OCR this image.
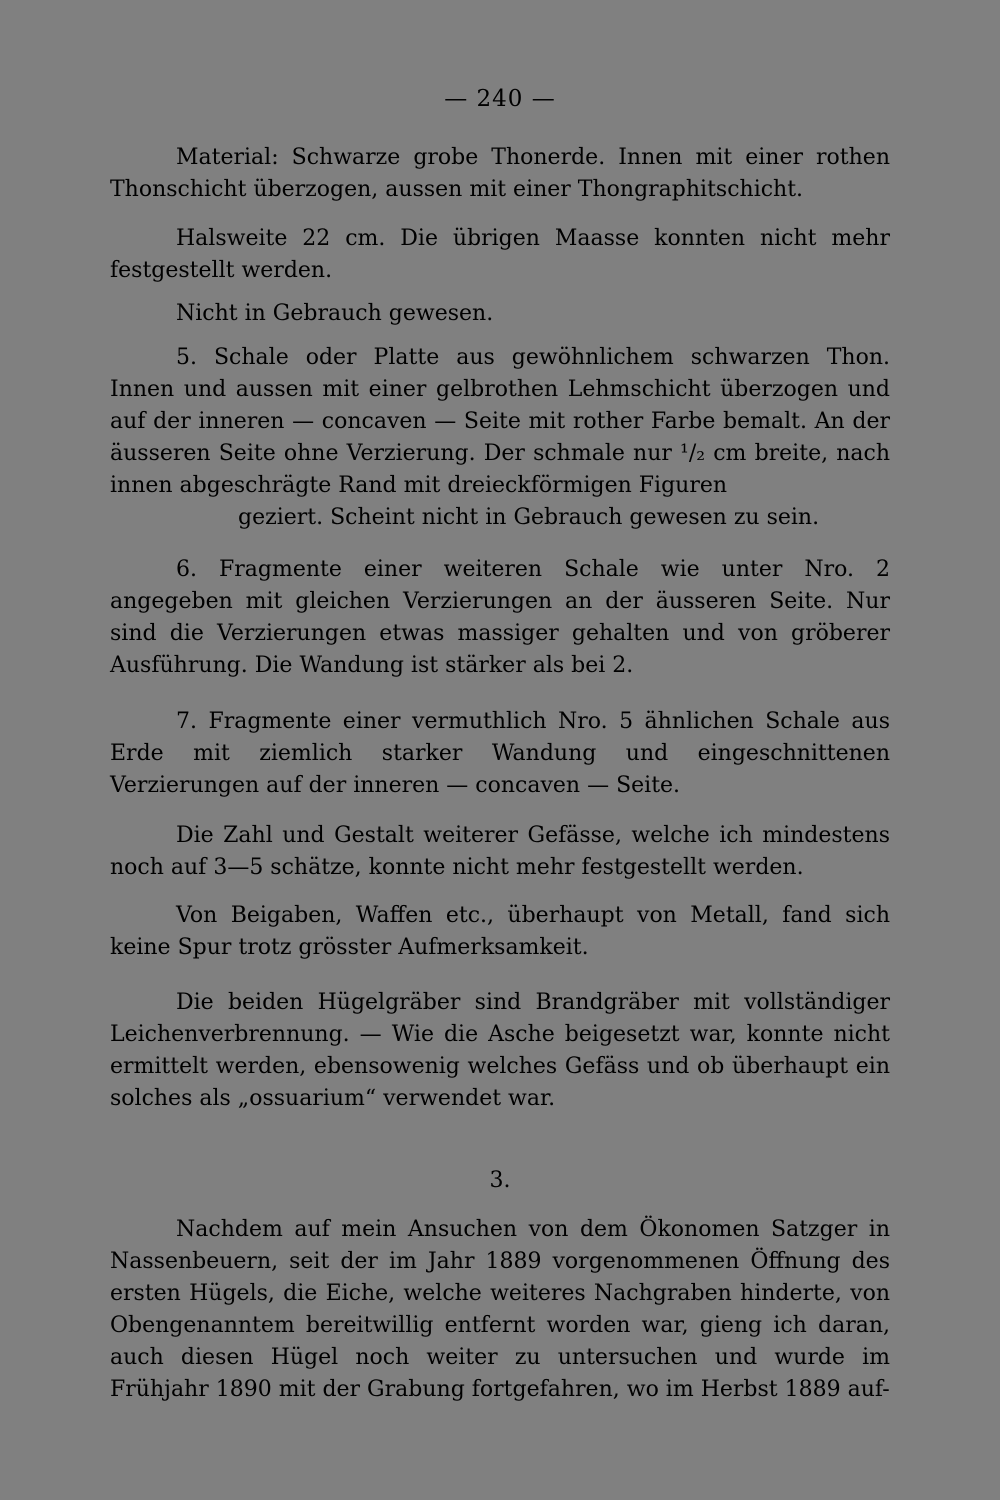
— 240 —

Material: Schwarze grobe Thonerde. Innen mit einer rothen Thonschicht überzogen, aussen mit einer Thongraphitschicht.

Halsweite 22 cm. Die übrigen Maasse konnten nicht mehr festgestellt werden.

Nicht in Gebrauch gewesen.

5. Schale oder Platte aus gewöhnlichem schwarzen Thon. Innen und aussen mit einer gelbrothen Lehmschicht überzogen und auf der inneren — concaven — Seite mit rother Farbe bemalt. An der äusseren Seite ohne Verzierung. Der schmale nur ¹/₂ cm breite, nach innen abgeschrägte Rand mit dreieckförmigen Figuren
geziert. Scheint nicht in Gebrauch gewesen zu sein.

6. Fragmente einer weiteren Schale wie unter Nro. 2 angegeben mit gleichen Verzierungen an der äusseren Seite. Nur sind die Verzierungen etwas massiger gehalten und von gröberer Ausführung. Die Wandung ist stärker als bei 2.

7. Fragmente einer vermuthlich Nro. 5 ähnlichen Schale aus Erde mit ziemlich starker Wandung und eingeschnittenen Verzierungen auf der inneren — concaven — Seite.

Die Zahl und Gestalt weiterer Gefässe, welche ich mindestens noch auf 3—5 schätze, konnte nicht mehr festgestellt werden.

Von Beigaben, Waffen etc., überhaupt von Metall, fand sich keine Spur trotz grösster Aufmerksamkeit.

Die beiden Hügelgräber sind Brandgräber mit vollständiger Leichenverbrennung. — Wie die Asche beigesetzt war, konnte nicht ermittelt werden, ebensowenig welches Gefäss und ob überhaupt ein solches als „ossuarium“ verwendet war.

3.

Nachdem auf mein Ansuchen von dem Ökonomen Satzger in Nassenbeuern, seit der im Jahr 1889 vorgenommenen Öffnung des ersten Hügels, die Eiche, welche weiteres Nachgraben hinderte, von Obengenanntem bereitwillig entfernt worden war, gieng ich daran, auch diesen Hügel noch weiter zu untersuchen und wurde im Frühjahr 1890 mit der Grabung fortgefahren, wo im Herbst 1889 auf-
